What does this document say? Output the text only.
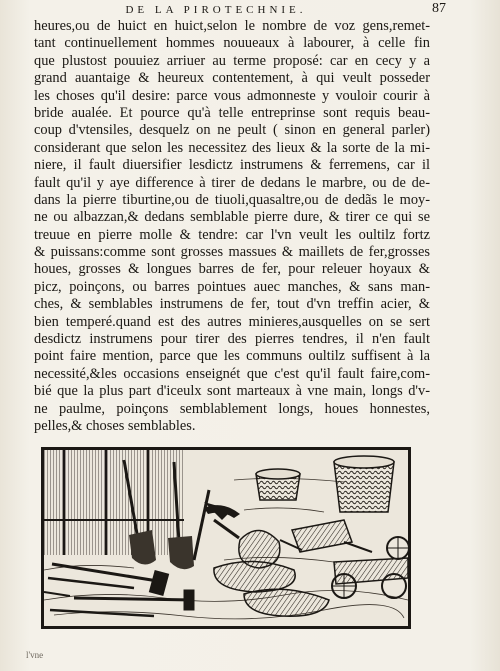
DE LA PIROTECHNIE.	87
heures,ou de huict en huict,selon le nombre de voz gens,remet-
tant continuellement hommes nouueaux à labourer, à celle fin
que plustost pouuiez arriuer au terme proposé: car en cecy y a
grand auantaige & heureux contentement, à qui veult posseder
les choses qu'il desire: parce vous admonneste y vouloir courir à
bride aualée. Et pource qu'à telle entreprinse sont requis beau-
coup d'vtensiles, desquelz on ne peult ( sinon en general parler)
considerant que selon les necessitez des lieux & la sorte de la mi-
niere, il fault diuersifier lesdictz instrumens & ferremens, car il
fault qu'il y aye difference à tirer de dedans le marbre, ou de de-
dans la pierre tiburtine,ou de tiuoli,quasaltre,ou de dedãs le moy-
ne ou albazzan,& dedans semblable pierre dure, & tirer ce qui se
treuue en pierre molle & tendre: car l'vn veult les oultilz fortz
& puissans:comme sont grosses massues & maillets de fer,grosses
houes, grosses & longues barres de fer, pour releuer hoyaux &
picz, poinçons, ou barres pointues auec manches, & sans man-
ches, & semblables instrumens de fer, tout d'vn treffin acier, &
bien temperé.quand est des autres minieres,ausquelles on se sert
desdictz instrumens pour tirer des pierres tendres, il n'en fault
point faire mention, parce que les communs oultilz suffisent à la
necessité,&les occasions enseignét que c'est qu'il fault faire,com-
bié que la plus part d'iceulx sont marteaux à vne main, longs d'v-
ne paulme, poinçons semblablement longs, houes honnestes,
pelles,& choses semblables.
l'vne
